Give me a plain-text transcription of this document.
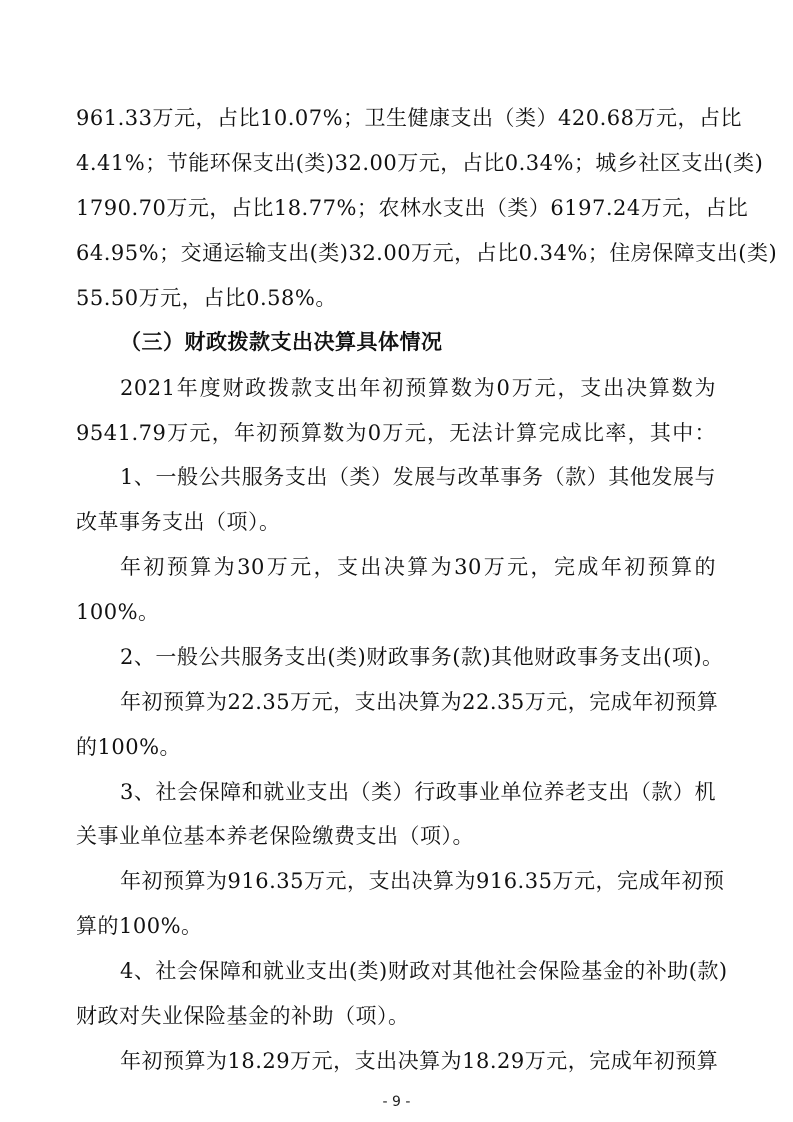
961.33万元，占比10.07%；卫生健康支出（类）420.68万元，占比
4.41%；节能环保支出(类)32.00万元，占比0.34%；城乡社区支出(类)
1790.70万元，占比18.77%；农林水支出（类）6197.24万元，占比
64.95%；交通运输支出(类)32.00万元，占比0.34%；住房保障支出(类)
55.50万元，占比0.58%。
（三）财政拨款支出决算具体情况
2021年度财政拨款支出年初预算数为0万元，支出决算数为
9541.79万元，年初预算数为0万元，无法计算完成比率，其中：
1、一般公共服务支出（类）发展与改革事务（款）其他发展与
改革事务支出（项）。
年初预算为30万元，支出决算为30万元，完成年初预算的
100%。
2、一般公共服务支出(类)财政事务(款)其他财政事务支出(项)。
年初预算为22.35万元，支出决算为22.35万元，完成年初预算
的100%。
3、社会保障和就业支出（类）行政事业单位养老支出（款）机
关事业单位基本养老保险缴费支出（项）。
年初预算为916.35万元，支出决算为916.35万元，完成年初预
算的100%。
4、社会保障和就业支出(类)财政对其他社会保险基金的补助(款)
财政对失业保险基金的补助（项）。
年初预算为18.29万元，支出决算为18.29万元，完成年初预算
- 9 -
